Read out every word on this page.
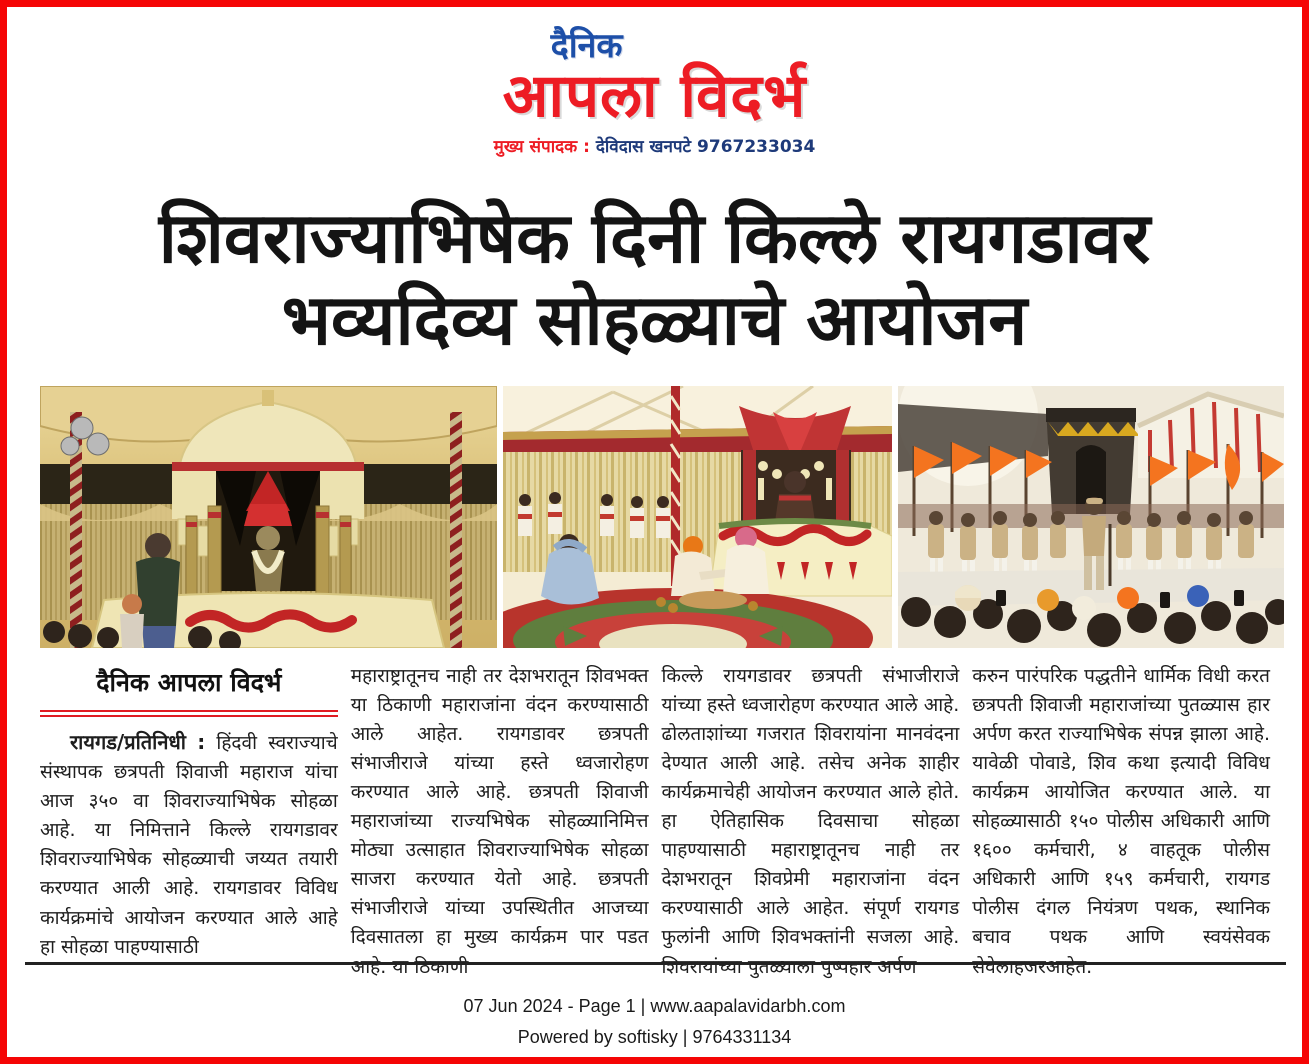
दैनिक
आपला विदर्भ
मुख्य संपादक : देविदास खनपटे 9767233034
शिवराज्याभिषेक दिनी किल्ले रायगडावर
भव्यदिव्य सोहळ्याचे आयोजन
दैनिक आपला विदर्भ

रायगड/प्रतिनिधी : हिंदवी स्वराज्याचे संस्थापक छत्रपती शिवाजी महाराज यांचा आज ३५० वा शिवराज्याभिषेक सोहळा आहे. या निमित्ताने किल्ले रायगडावर शिवराज्याभिषेक सोहळ्याची जय्यत तयारी करण्यात आली आहे. रायगडावर विविध कार्यक्रमांचे आयोजन करण्यात आले आहे हा सोहळा पाहण्यासाठी

महाराष्ट्रातूनच नाही तर देशभरातून शिवभक्त या ठिकाणी महाराजांना वंदन करण्यासाठी आले आहेत. रायगडावर छत्रपती संभाजीराजे यांच्या हस्ते ध्वजारोहण करण्यात आले आहे. छत्रपती शिवाजी महाराजांच्या राज्यभिषेक सोहळ्यानिमित्त मोठ्या उत्साहात शिवराज्याभिषेक सोहळा साजरा करण्यात येतो आहे. छत्रपती संभाजीराजे यांच्या उपस्थितीत आजच्या दिवसातला हा मुख्य कार्यक्रम पार पडत आहे. या ठिकाणी

किल्ले रायगडावर छत्रपती संभाजीराजे यांच्या हस्ते ध्वजारोहण करण्यात आले आहे. ढोलताशांच्या गजरात शिवरायांना मानवंदना देण्यात आली आहे. तसेच अनेक शाहीर कार्यक्रमाचेही आयोजन करण्यात आले होते. हा ऐतिहासिक दिवसाचा सोहळा पाहण्यासाठी महाराष्ट्रातूनच नाही तर देशभरातून शिवप्रेमी महाराजांना वंदन करण्यासाठी आले आहेत. संपूर्ण रायगड फुलांनी आणि शिवभक्तांनी सजला आहे. शिवरायांच्या पुतळ्याला पुष्पहार अर्पण

करुन पारंपरिक पद्धतीने धार्मिक विधी करत छत्रपती शिवाजी महाराजांच्या पुतळ्यास हार अर्पण करत राज्याभिषेक संपन्न झाला आहे. यावेळी पोवाडे, शिव कथा इत्यादी विविध कार्यक्रम आयोजित करण्यात आले. या सोहळ्यासाठी १५० पोलीस अधिकारी आणि १६०० कर्मचारी, ४ वाहतूक पोलीस अधिकारी आणि १५९ कर्मचारी, रायगड पोलीस दंगल नियंत्रण पथक, स्थानिक बचाव पथक आणि स्वयंसेवक सेवेलाहजरआहेत.

07 Jun 2024 - Page 1 | www.aapalavidarbh.com
Powered by softisky | 9764331134
